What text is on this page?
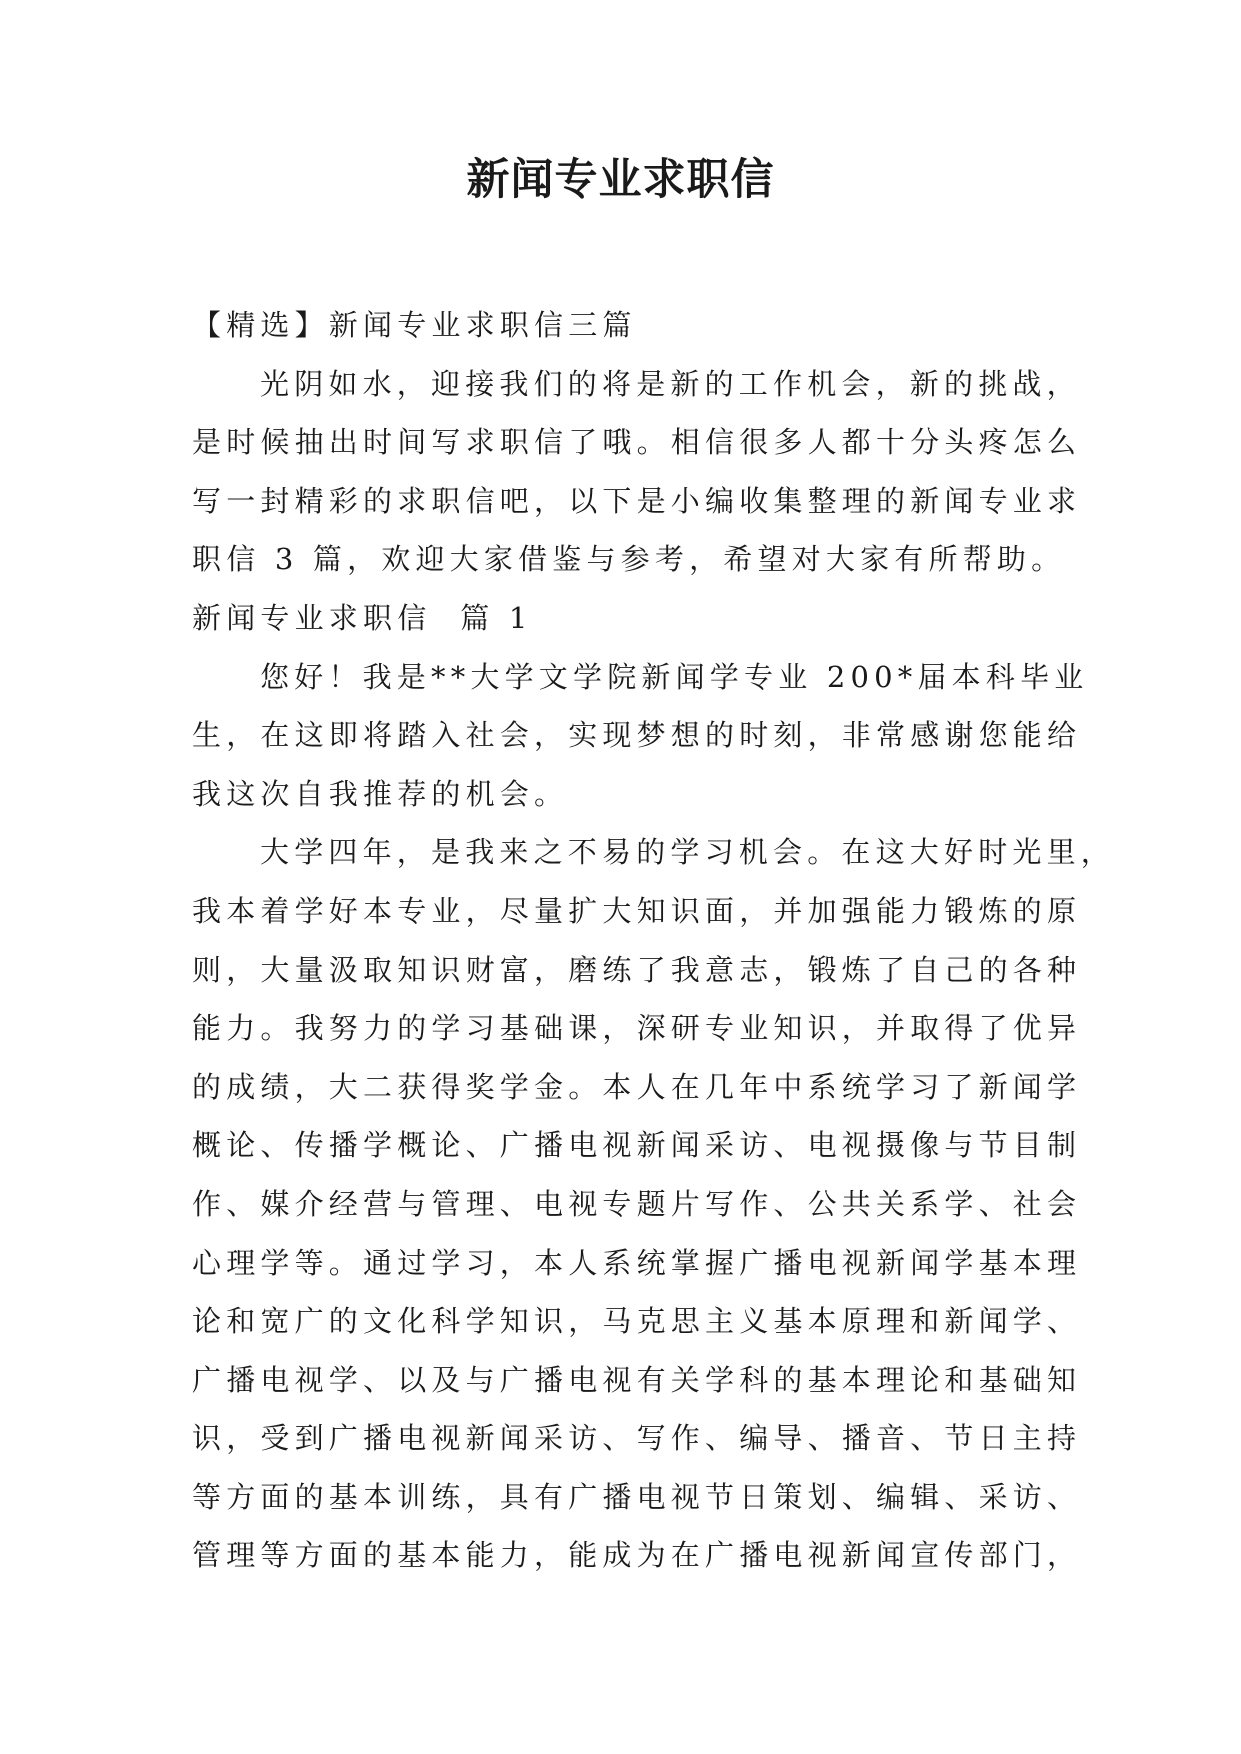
新闻专业求职信

【精选】新闻专业求职信三篇

光阴如水，迎接我们的将是新的工作机会，新的挑战，

是时候抽出时间写求职信了哦。相信很多人都十分头疼怎么

写一封精彩的求职信吧，以下是小编收集整理的新闻专业求

职信 3 篇，欢迎大家借鉴与参考，希望对大家有所帮助。

新闻专业求职信  篇 1

您好！我是**大学文学院新闻学专业 200*届本科毕业

生，在这即将踏入社会，实现梦想的时刻，非常感谢您能给

我这次自我推荐的机会。

大学四年，是我来之不易的学习机会。在这大好时光里，

我本着学好本专业，尽量扩大知识面，并加强能力锻炼的原

则，大量汲取知识财富，磨练了我意志，锻炼了自己的各种

能力。我努力的学习基础课，深研专业知识，并取得了优异

的成绩，大二获得奖学金。本人在几年中系统学习了新闻学

概论、传播学概论、广播电视新闻采访、电视摄像与节目制

作、媒介经营与管理、电视专题片写作、公共关系学、社会

心理学等。通过学习，本人系统掌握广播电视新闻学基本理

论和宽广的文化科学知识，马克思主义基本原理和新闻学、

广播电视学、以及与广播电视有关学科的基本理论和基础知

识，受到广播电视新闻采访、写作、编导、播音、节日主持

等方面的基本训练，具有广播电视节日策划、编辑、采访、

管理等方面的基本能力，能成为在广播电视新闻宣传部门，
